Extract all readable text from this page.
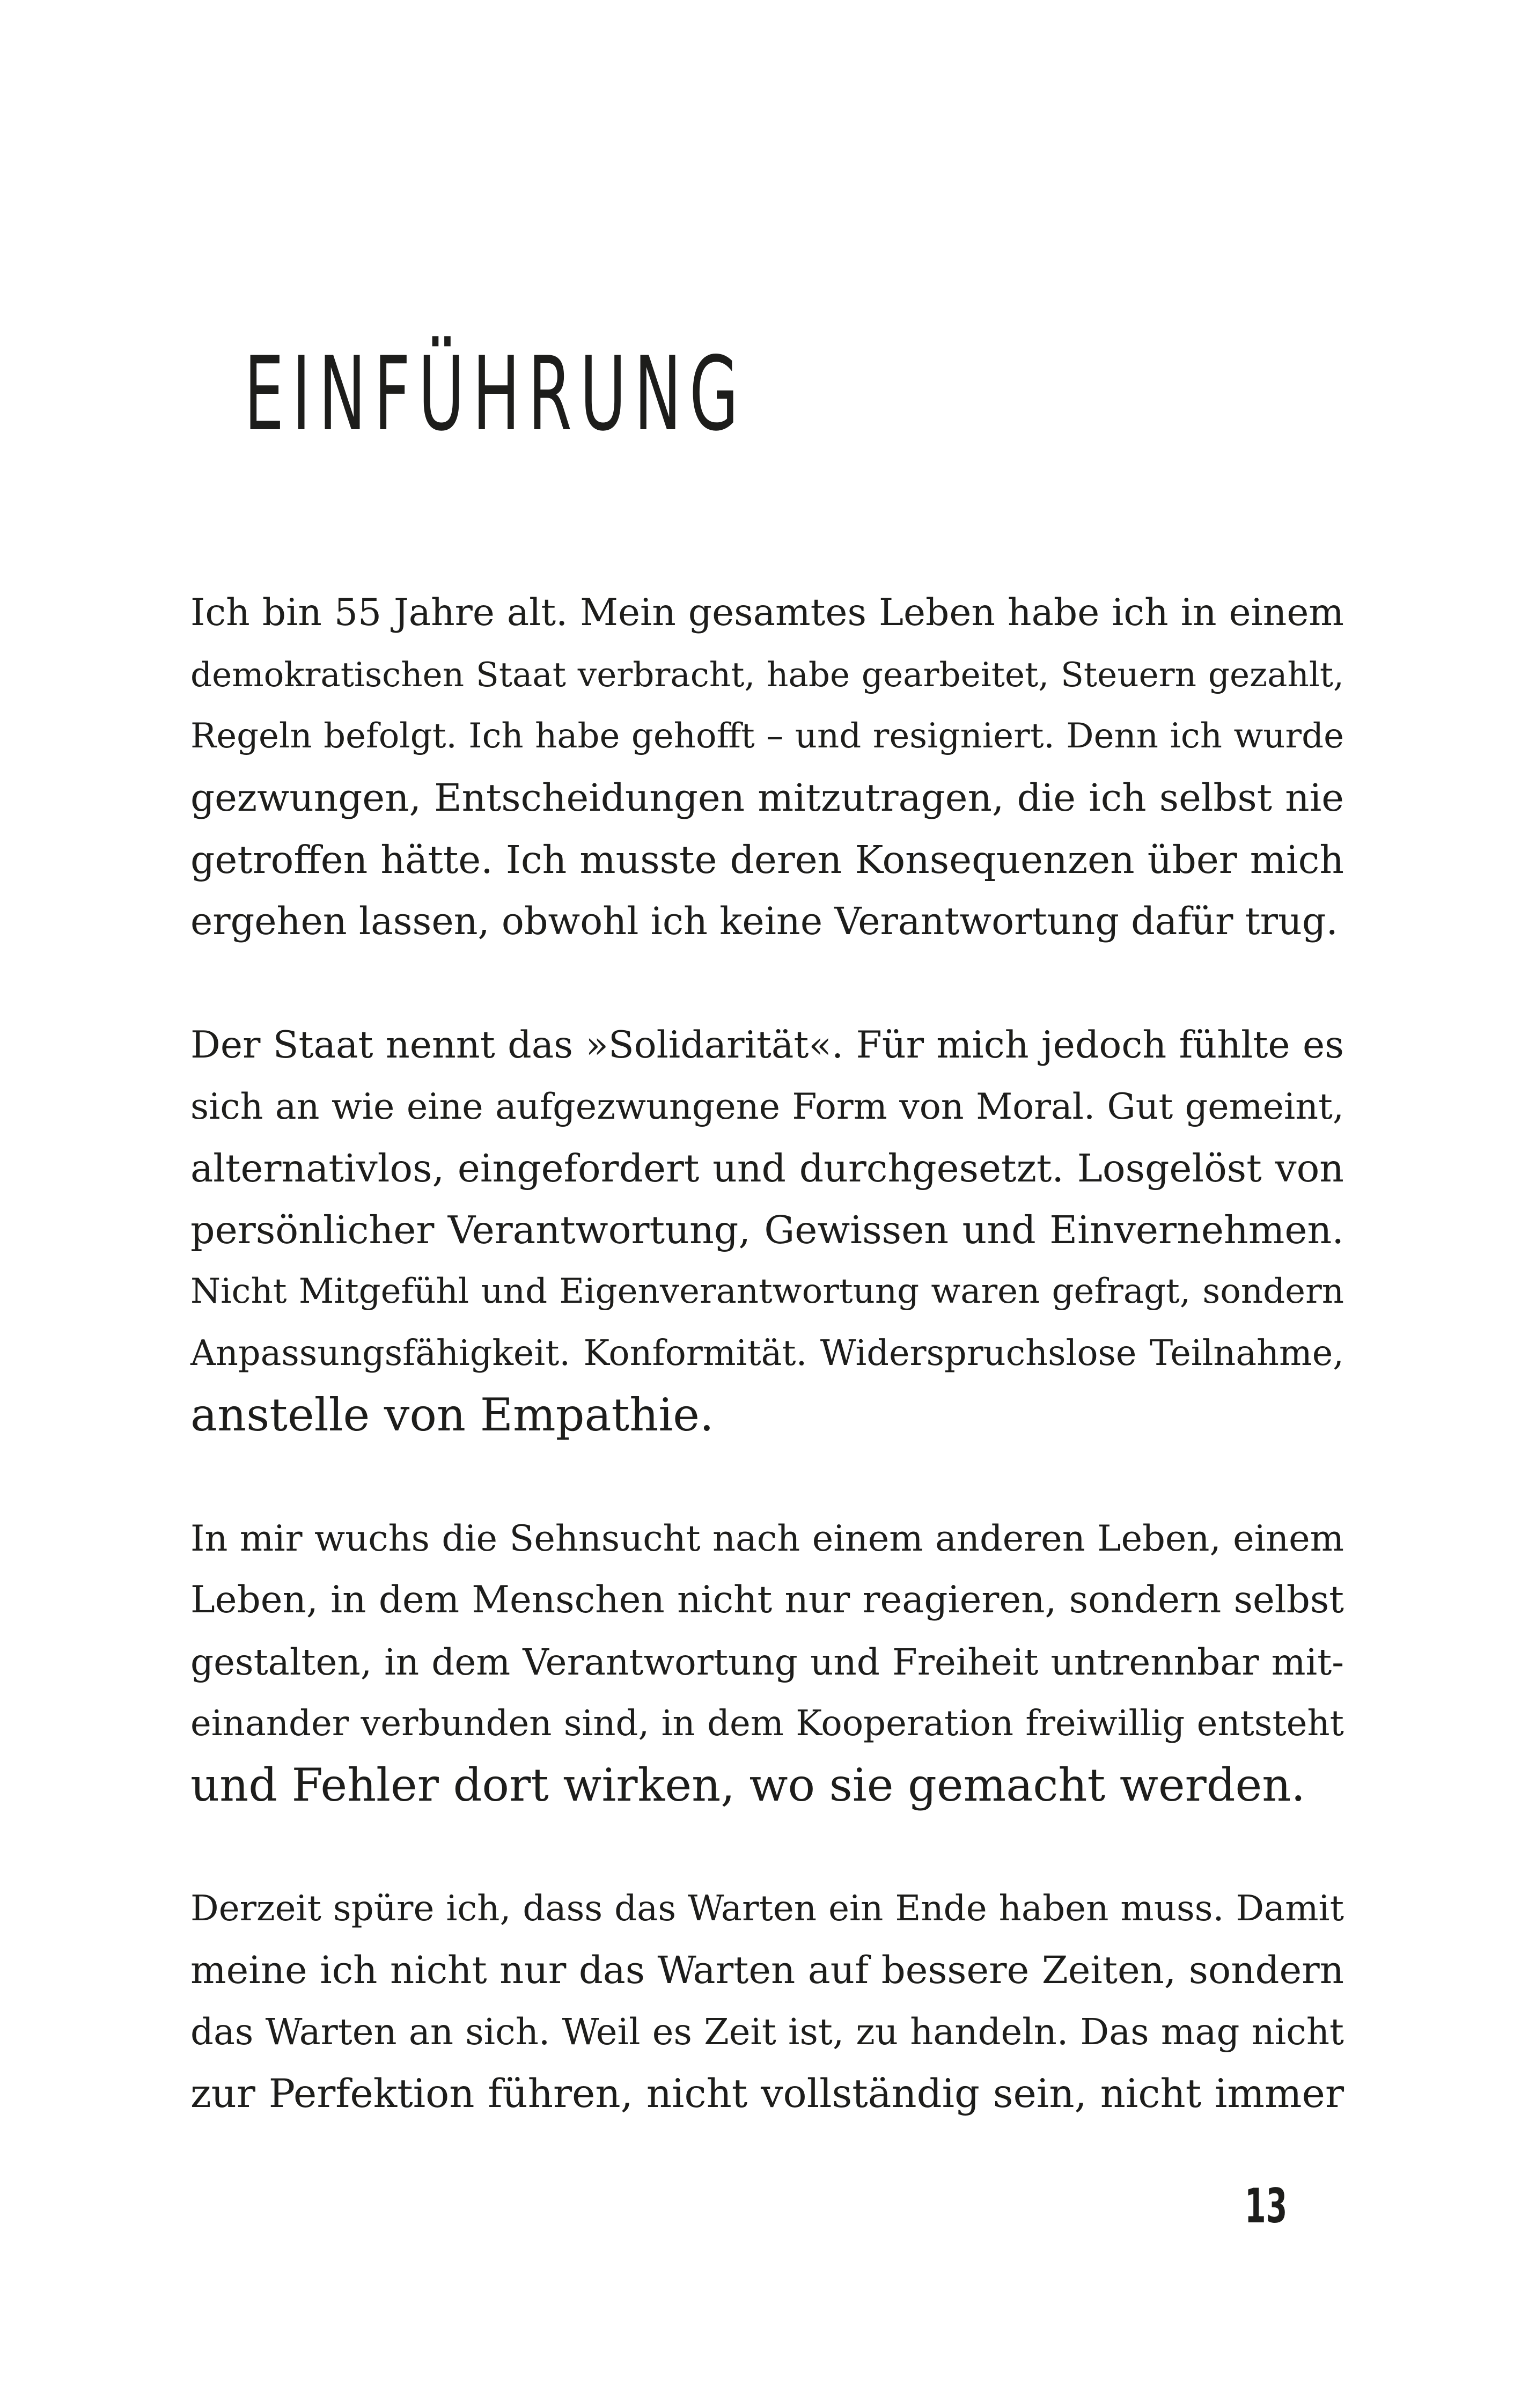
EINFÜHRUNG

Ich bin 55 Jahre alt. Mein gesamtes Leben habe ich in einem
demokratischen Staat verbracht, habe gearbeitet, Steuern gezahlt,
Regeln befolgt. Ich habe gehofft – und resigniert. Denn ich wurde
gezwungen, Entscheidungen mitzutragen, die ich selbst nie
getroffen hätte. Ich musste deren Konsequenzen über mich
ergehen lassen, obwohl ich keine Verantwortung dafür trug.

Der Staat nennt das »Solidarität«. Für mich jedoch fühlte es
sich an wie eine aufgezwungene Form von Moral. Gut gemeint,
alternativlos, eingefordert und durchgesetzt. Losgelöst von
persönlicher Verantwortung, Gewissen und Einvernehmen.
Nicht Mitgefühl und Eigenverantwortung waren gefragt, sondern
Anpassungsfähigkeit. Konformität. Widerspruchslose Teilnahme,
anstelle von Empathie.

In mir wuchs die Sehnsucht nach einem anderen Leben, einem
Leben, in dem Menschen nicht nur reagieren, sondern selbst
gestalten, in dem Verantwortung und Freiheit untrennbar mit-
einander verbunden sind, in dem Kooperation freiwillig entsteht
und Fehler dort wirken, wo sie gemacht werden.

Derzeit spüre ich, dass das Warten ein Ende haben muss. Damit
meine ich nicht nur das Warten auf bessere Zeiten, sondern
das Warten an sich. Weil es Zeit ist, zu handeln. Das mag nicht
zur Perfektion führen, nicht vollständig sein, nicht immer

13
